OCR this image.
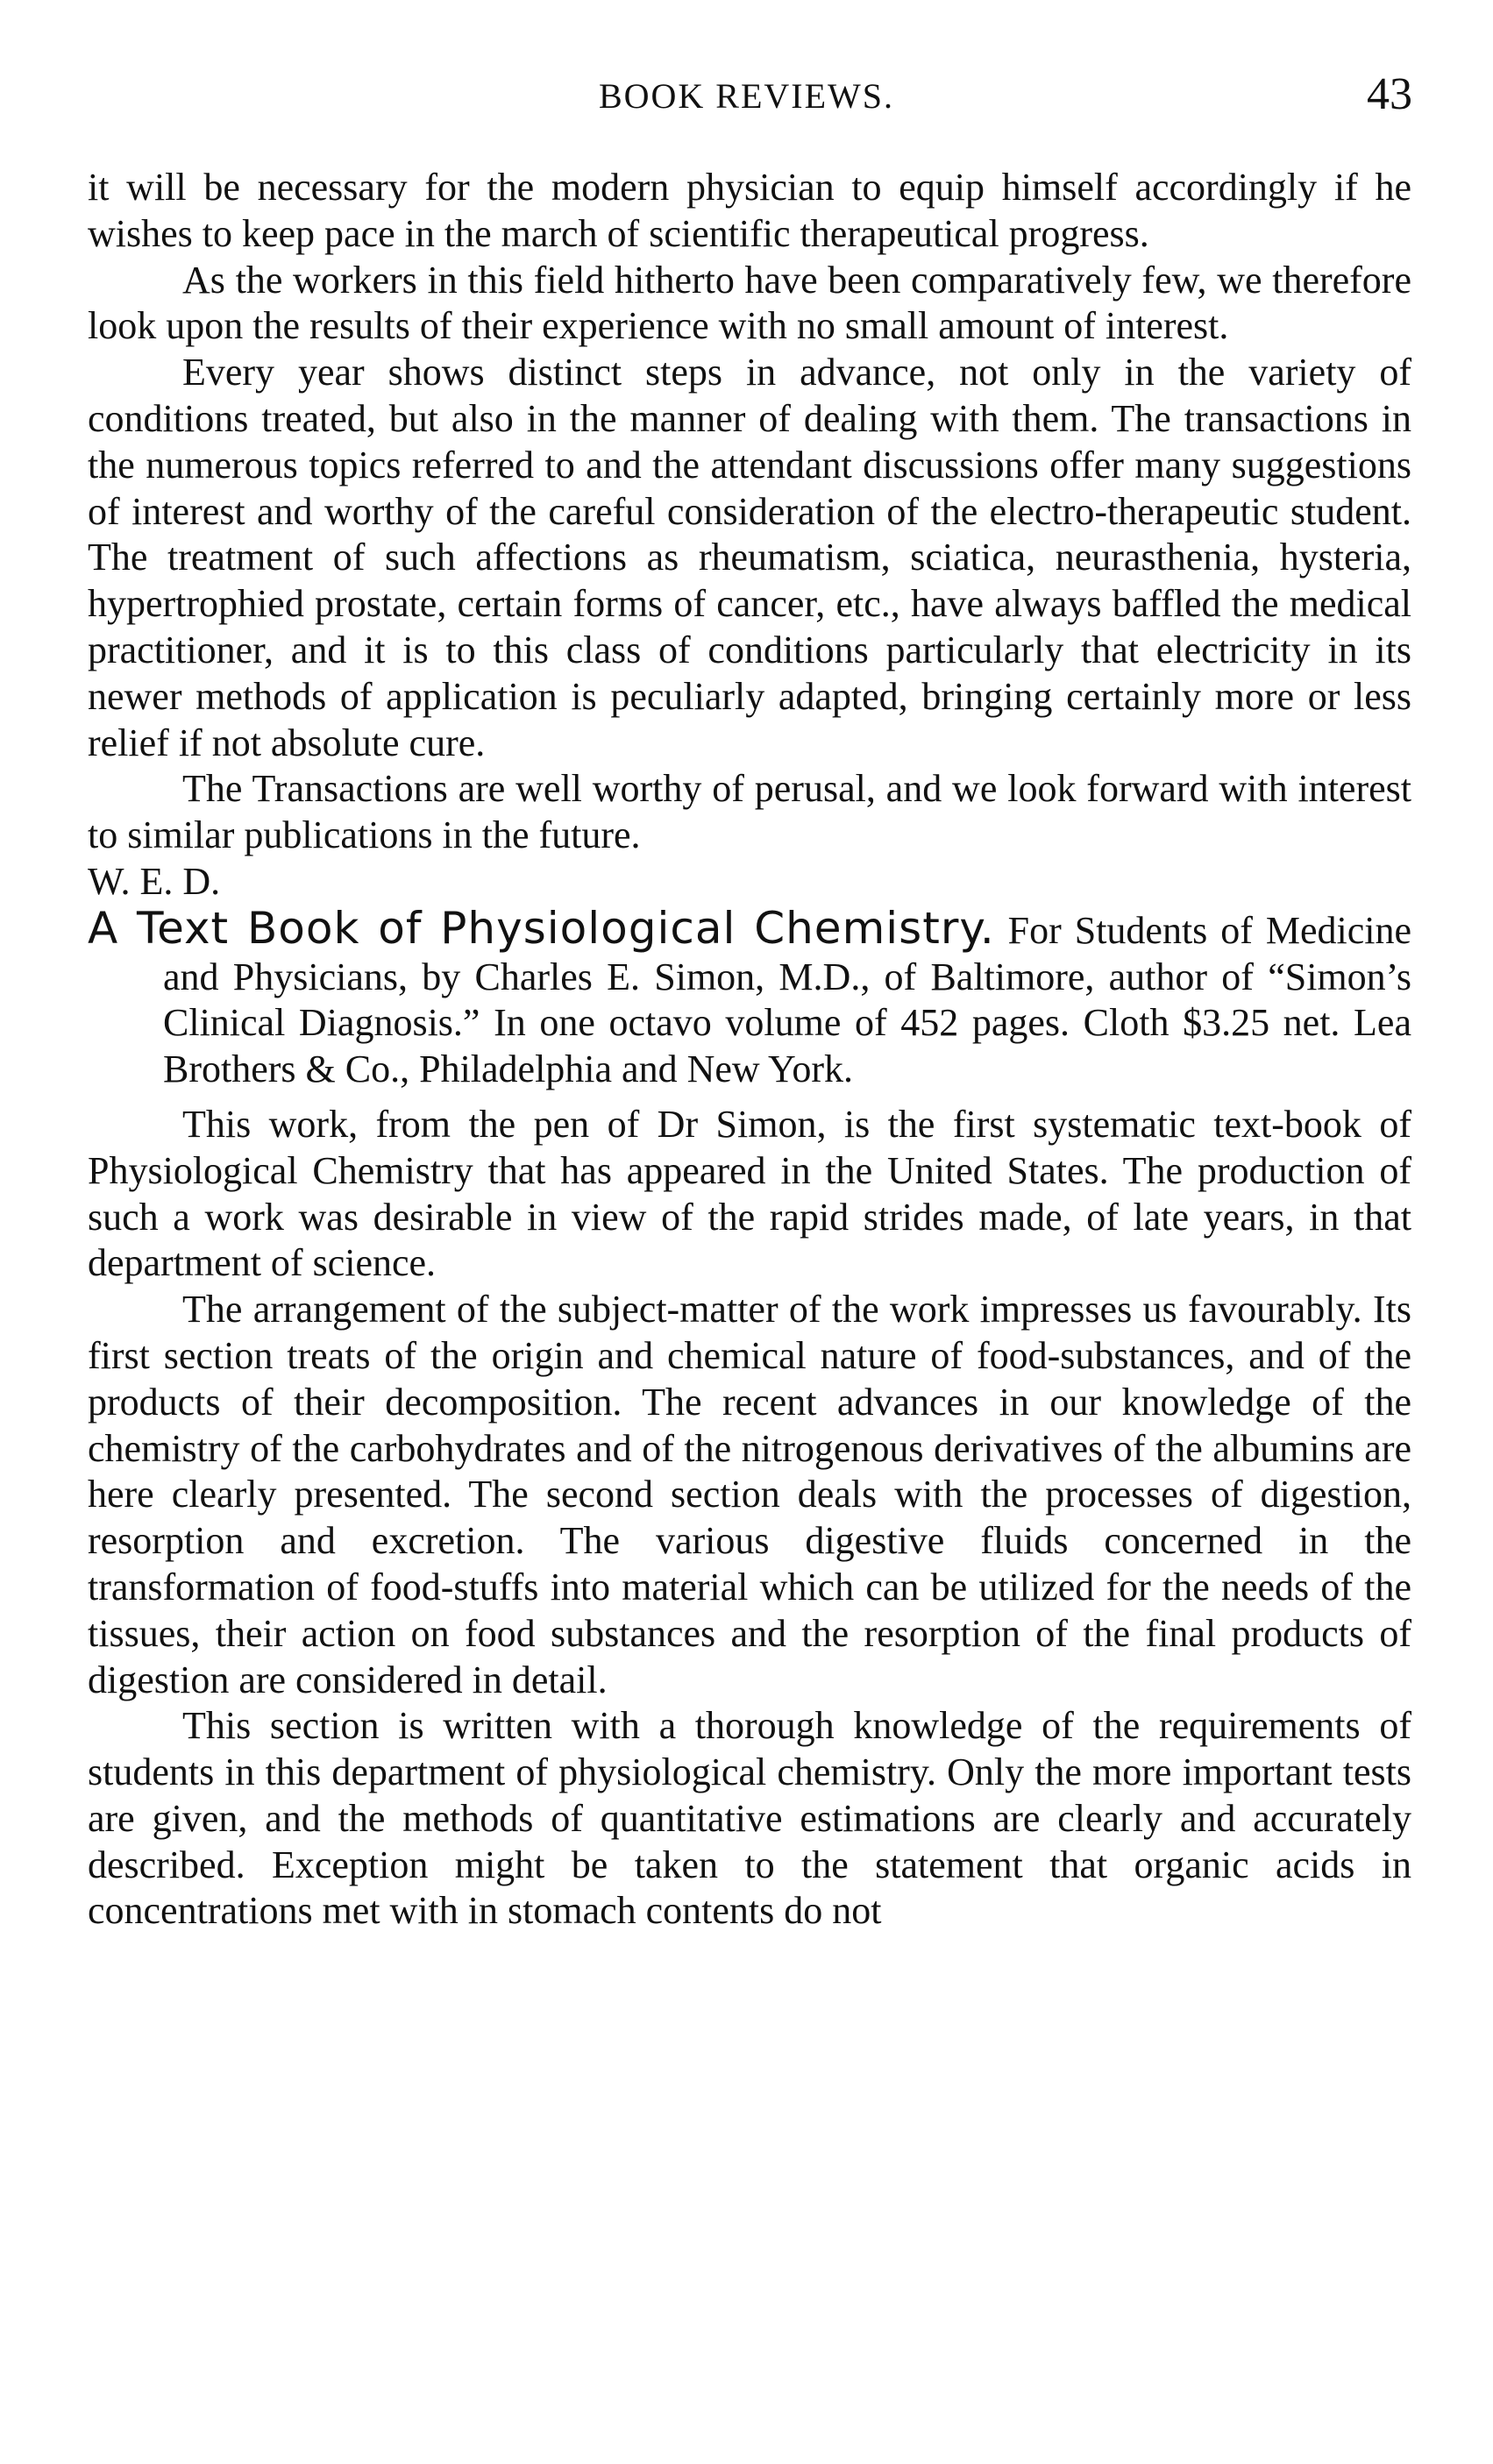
BOOK REVIEWS.	43

it will be necessary for the modern physician to equip himself accordingly if he wishes to keep pace in the march of scientific therapeutical progress.

As the workers in this field hitherto have been comparatively few, we therefore look upon the results of their experience with no small amount of interest.

Every year shows distinct steps in advance, not only in the variety of conditions treated, but also in the manner of dealing with them. The transactions in the numerous topics referred to and the attendant discussions offer many suggestions of interest and worthy of the careful consideration of the electro-therapeutic student. The treatment of such affections as rheumatism, sciatica, neurasthenia, hysteria, hypertrophied prostate, certain forms of cancer, etc., have always baffled the medical practitioner, and it is to this class of conditions particularly that electricity in its newer methods of application is peculiarly adapted, bringing certainly more or less relief if not absolute cure.

The Transactions are well worthy of perusal, and we look forward with interest to similar publications in the future.

W. E. D.

A Text Book of Physiological Chemistry. For Students of Medicine and Physicians, by Charles E. Simon, M.D., of Baltimore, author of “Simon’s Clinical Diagnosis.” In one octavo volume of 452 pages. Cloth $3.25 net. Lea Brothers & Co., Philadelphia and New York.

This work, from the pen of Dr Simon, is the first systematic text-book of Physiological Chemistry that has appeared in the United States. The production of such a work was desirable in view of the rapid strides made, of late years, in that department of science.

The arrangement of the subject-matter of the work impresses us favourably. Its first section treats of the origin and chemical nature of food-substances, and of the products of their decomposition. The recent advances in our knowledge of the chemistry of the carbohydrates and of the nitrogenous derivatives of the albumins are here clearly presented. The second section deals with the processes of digestion, resorption and excretion. The various digestive fluids concerned in the transformation of food-stuffs into material which can be utilized for the needs of the tissues, their action on food substances and the resorption of the final products of digestion are considered in detail.

This section is written with a thorough knowledge of the requirements of students in this department of physiological chemistry. Only the more important tests are given, and the methods of quantitative estimations are clearly and accurately described. Exception might be taken to the statement that organic acids in concentrations met with in stomach contents do not
